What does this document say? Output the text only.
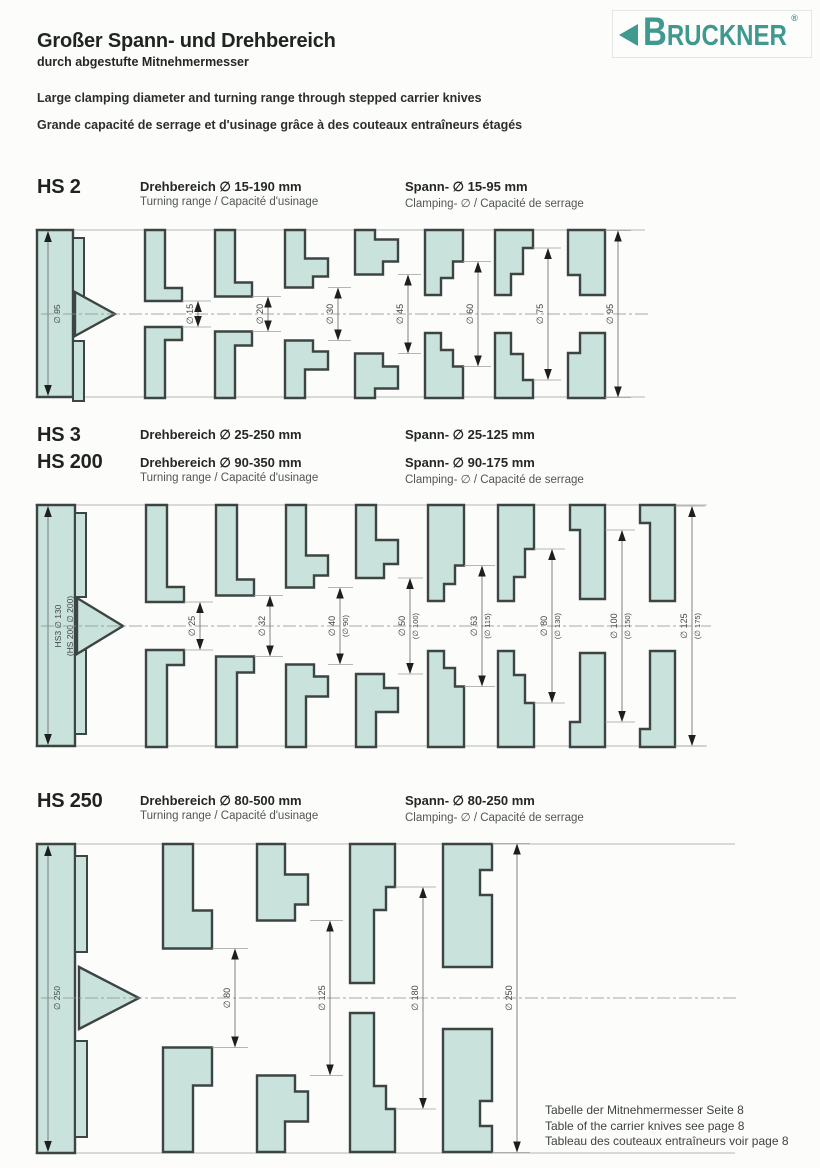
Großer Spann- und Drehbereich
durch abgestufte Mitnehmermesser
Large clamping diameter and turning range through stepped carrier knives
Grande capacité de serrage et d'usinage grâce à des couteaux entraîneurs étagés
BRUCKNER
®
HS 2	Drehbereich ∅ 15-190 mm
Turning range / Capacité d'usinage
Spann- ∅ 15-95 mm
Clamping- ∅ / Capacité de serrage
∅ 95	∅ 15	∅ 20	∅ 30	∅ 45	∅ 60	∅ 75	∅ 95
HS 3	Drehbereich ∅ 25-250 mm	Spann- ∅ 25-125 mm
HS 200	Drehbereich ∅ 90-350 mm
Turning range / Capacité d'usinage
Spann- ∅ 90-175 mm
Clamping- ∅ / Capacité de serrage
HS3 ∅ 130 (HS 200 ∅ 200)	∅ 25	∅ 32	∅ 40 (∅ 90)	∅ 50 (∅ 100)	∅ 63 (∅ 115)	∅ 80 (∅ 130)	∅ 100 (∅ 150)	∅ 125 (∅ 175)
HS 250	Drehbereich ∅ 80-500 mm
Turning range / Capacité d'usinage
Spann- ∅ 80-250 mm
Clamping- ∅ / Capacité de serrage
∅ 250	∅ 80	∅ 125	∅ 180	∅ 250
Tabelle der Mitnehmermesser Seite 8
Table of the carrier knives see page 8
Tableau des couteaux entraîneurs voir page 8
